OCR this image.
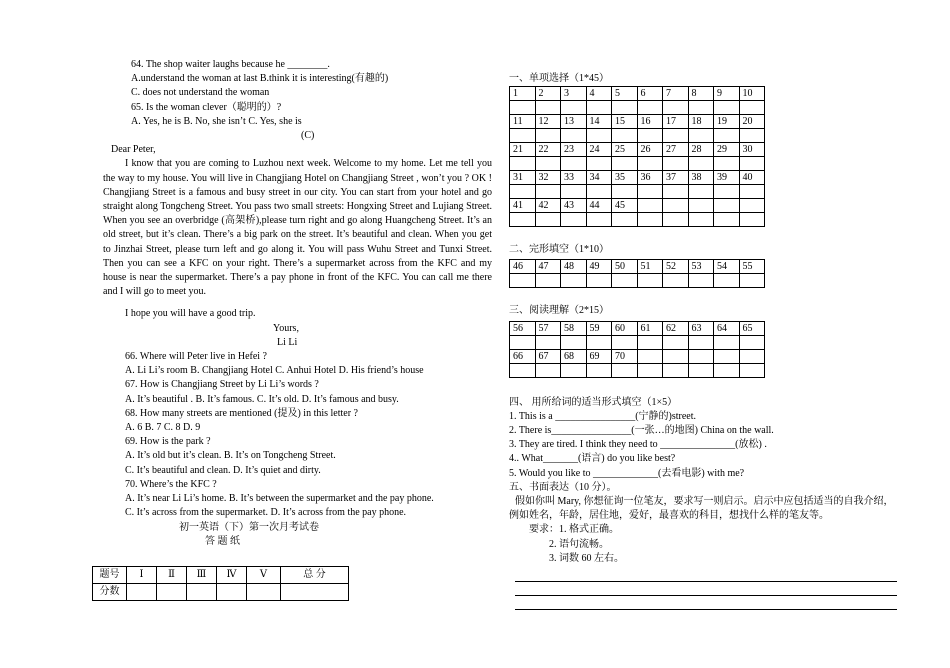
64. The shop waiter laughs because he ________.
A.understand the woman at last B.think it is interesting(有趣的)
C. does not understand the woman
65. Is the woman clever（聪明的）?
A. Yes, he is B. No, she isn’t C. Yes, she is
(C)
Dear Peter,
I know that you are coming to Luzhou next week. Welcome to my home. Let me tell you the way to my house. You will live in Changjiang Hotel on Changjiang Street , won’t you ? OK ! Changjiang Street is a famous and busy street in our city. You can start from your hotel and go straight along Tongcheng Street. You pass two small streets: Hongxing Street and Lujiang Street. When you see an overbridge (高架桥),please turn right and go along Huangcheng Street. It’s an old street, but it’s clean. There’s a big park on the street. It’s beautiful and clean. When you get to Jinzhai Street, please turn left and go along it. You will pass Wuhu Street and Tunxi Street. Then you can see a KFC on your right. There’s a supermarket across from the KFC and my house is near the supermarket. There’s a pay phone in front of the KFC. You can call me there and I will go to meet you.
I hope you will have a good trip.
Yours,
Li Li
66. Where will Peter live in Hefei ?
A. Li Li’s room B. Changjiang Hotel C. Anhui Hotel D. His friend’s house
67. How is Changjiang Street by Li Li’s words ?
A. It’s beautiful . B. It’s famous. C. It’s old. D. It’s famous and busy.
68. How many streets are mentioned (提及) in this letter ?
A. 6 B. 7 C. 8 D. 9
69. How is the park ?
A. It’s old but it’s clean. B. It’s on Tongcheng Street.
C. It’s beautiful and clean. D. It’s quiet and dirty.
70. Where’s the KFC ?
A. It’s near Li Li’s home. B. It’s between the supermarket and the pay phone.
C. It’s across from the supermarket. D. It’s across from the pay phone.
初一英语（下）第一次月考试卷
答 题 纸
题号	Ⅰ	Ⅱ	Ⅲ	Ⅳ	Ⅴ	总 分
分数						
一、单项选择（1*45）
1	2	3	4	5	6	7	8	9	10

11	12	13	14	15	16	17	18	19	20

21	22	23	24	25	26	27	28	29	30

31	32	33	34	35	36	37	38	39	40

41	42	43	44	45					

二、完形填空（1*10）
46	47	48	49	50	51	52	53	54	55

三、阅读理解（2*15）
56	57	58	59	60	61	62	63	64	65

66	67	68	69	70					

四、 用所给词的适当形式填空（1×5）
1. This is a ________________(宁静的)street.
2. There is________________(一张…的地图) China on the wall.
3. They are tired. I think they need to _______________(放松) .
4.. What_______(语言) do you like best?
5. Would you like to _____________(去看电影) with me?
五、书面表达（10 分）。
假如你叫 Mary, 你想征询一位笔友，要求写一则启示。启示中应包括适当的自我介绍，例如姓名，年龄，居住地，爱好，最喜欢的科目，想找什么样的笔友等。
要求：1. 格式正确。
2. 语句流畅。
3. 词数 60 左右。
